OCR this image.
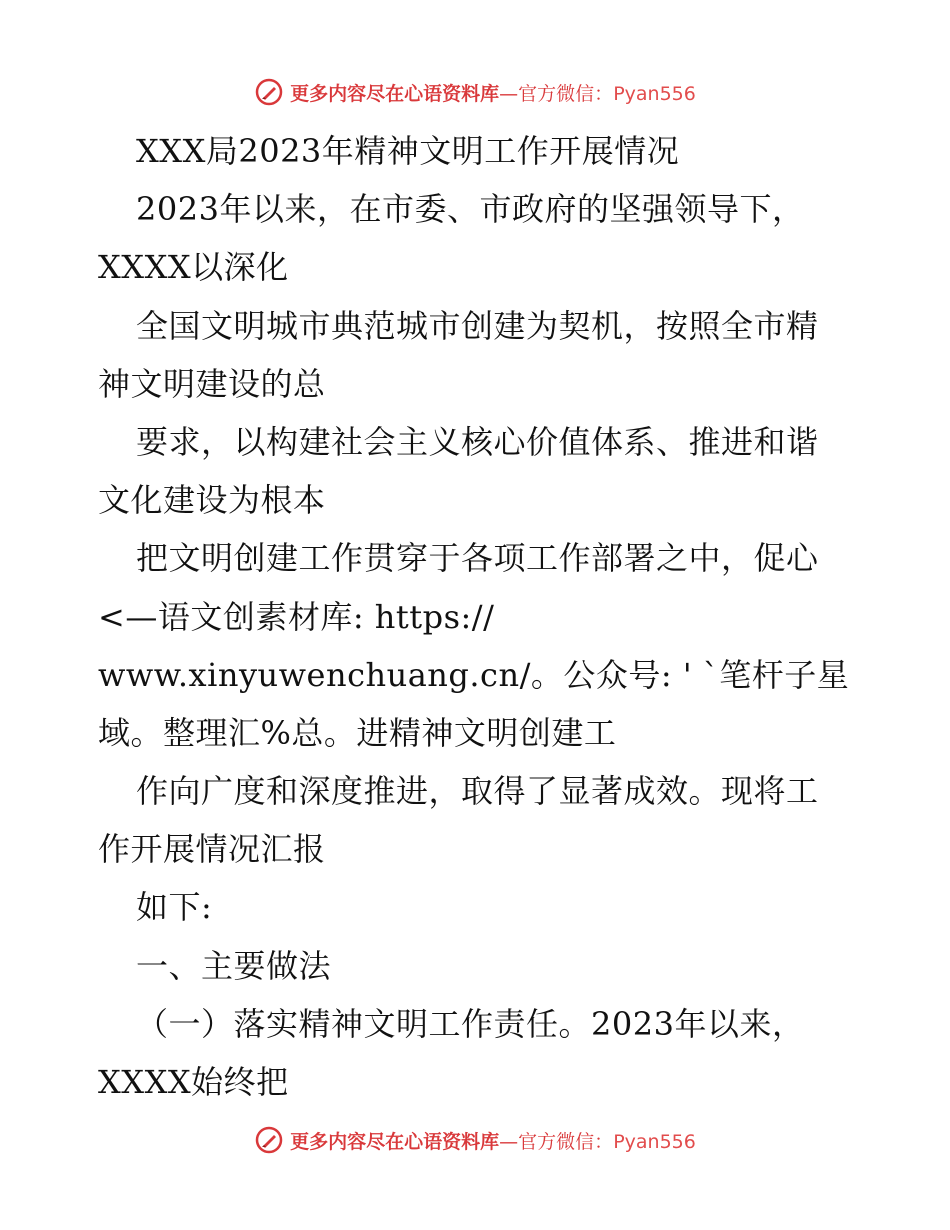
更多内容尽在心语资料库—官方微信：Pyan556
XXX局2023年精神文明工作开展情况
2023年以来，在市委、市政府的坚强领导下，
XXXX以深化
全国文明城市典范城市创建为契机，按照全市精
神文明建设的总
要求，以构建社会主义核心价值体系、推进和谐
文化建设为根本
把文明创建工作贯穿于各项工作部署之中，促心
<—语文创素材库: https://
www.xinyuwenchuang.cn/。公众号: ' `笔杆子星
域。整理汇%总。进精神文明创建工
作向广度和深度推进，取得了显著成效。现将工
作开展情况汇报
如下:
一、主要做法
（一）落实精神文明工作责任。2023年以来，
XXXX始终把
更多内容尽在心语资料库—官方微信：Pyan556
